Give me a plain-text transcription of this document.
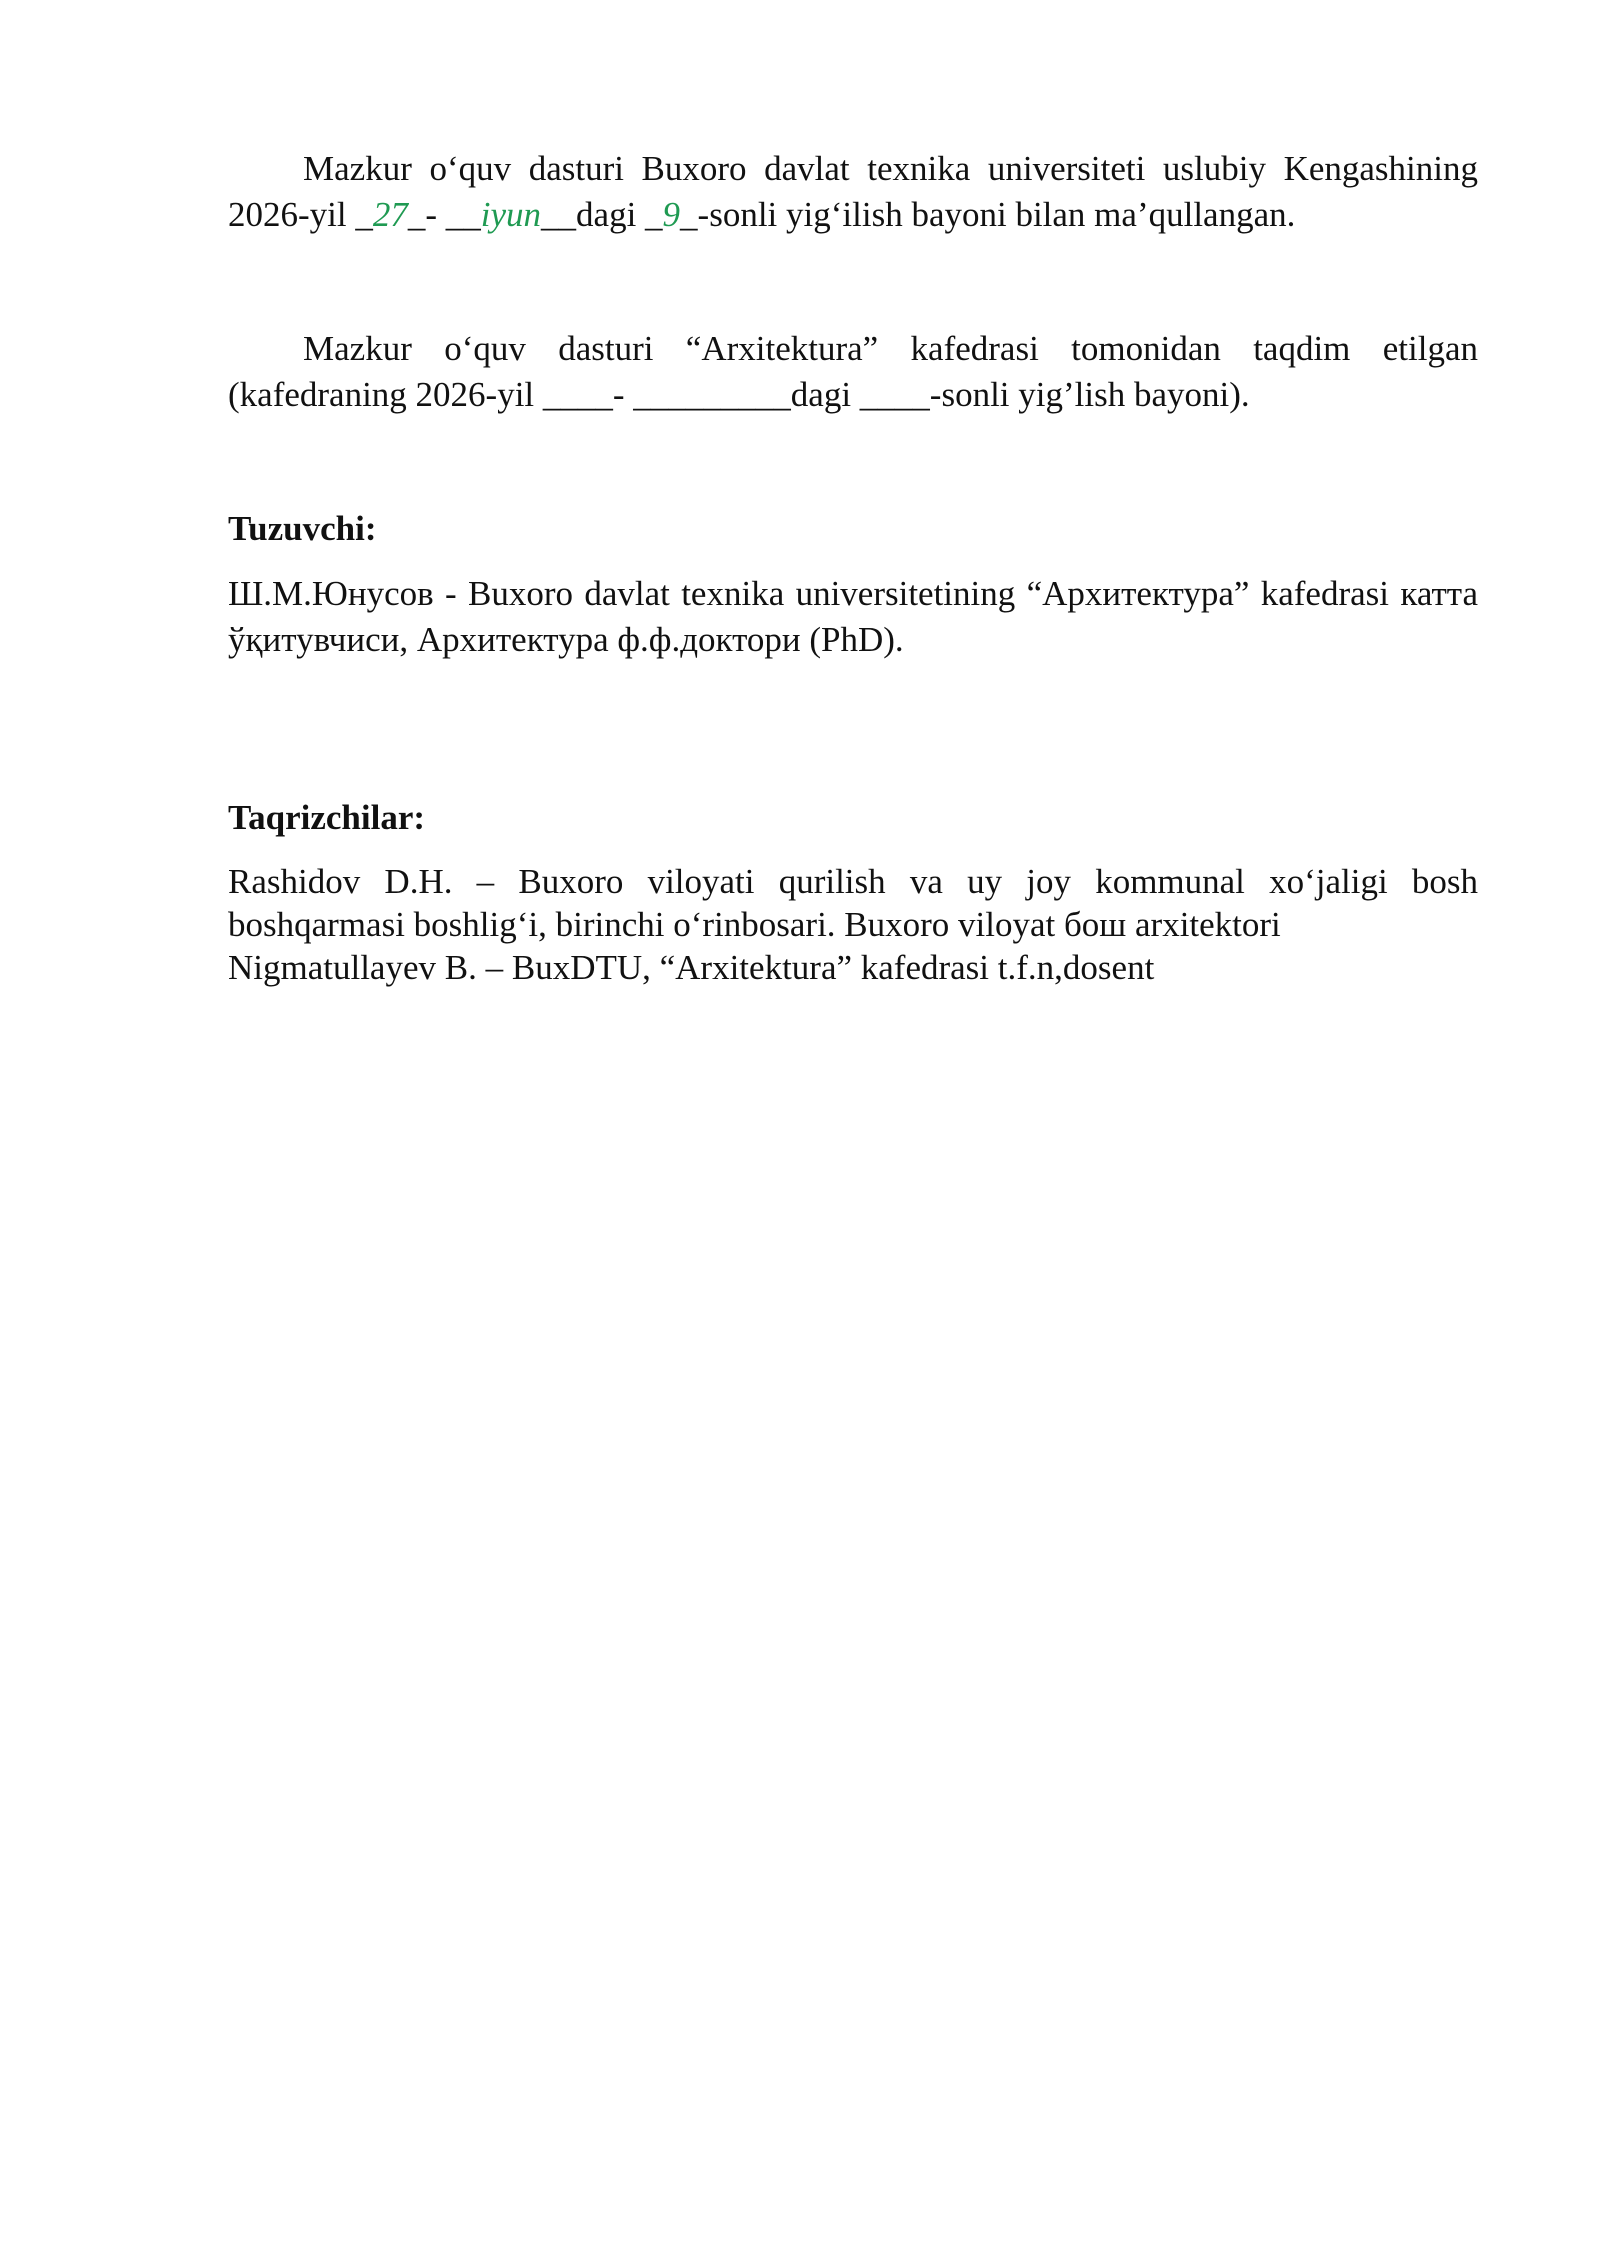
Mazkur o‘quv dasturi Buxoro davlat texnika universiteti uslubiy Kengashining 2026-yil _27_- __iyun__dagi _9_-sonli yig‘ilish bayoni bilan ma’qullangan.

Mazkur o‘quv dasturi “Arxitektura” kafedrasi tomonidan taqdim etilgan (kafedraning 2026-yil ____- _________dagi ____-sonli yig’lish bayoni).

Tuzuvchi:

Ш.М.Юнусов - Buxoro davlat texnika universitetining “Архитектура” kafedrasi катта ўқитувчиси, Архитектура ф.ф.доктори (PhD).

Taqrizchilar:

Rashidov D.H. – Buxoro viloyati qurilish va uy joy kommunal xo‘jaligi bosh

boshqarmasi boshlig‘i, birinchi o‘rinbosari. Buxoro viloyat бош arxitektori

Nigmatullayev B. – BuxDTU, “Arxitektura” kafedrasi t.f.n,dosent
